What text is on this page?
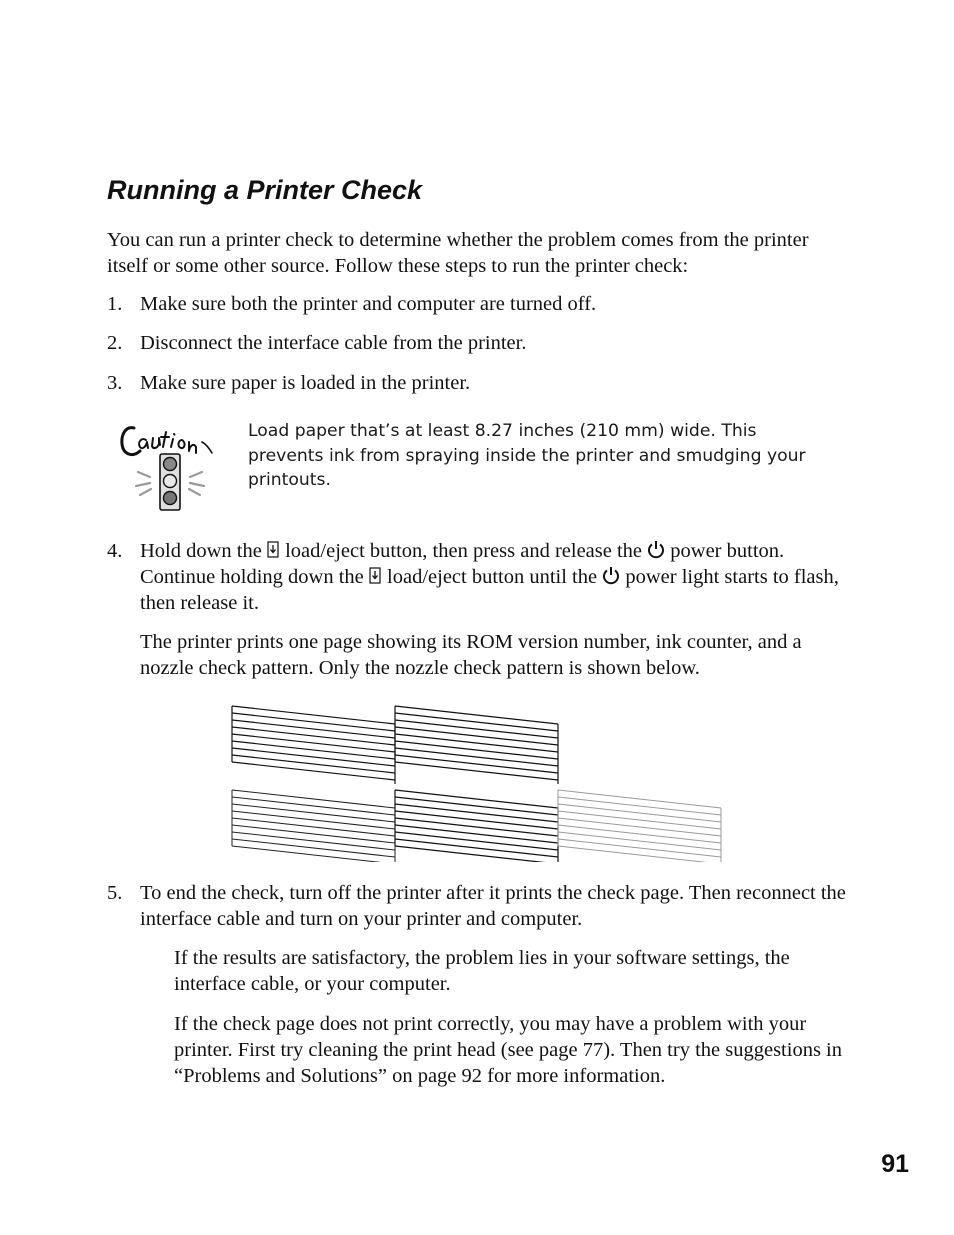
Running a Printer Check
You can run a printer check to determine whether the problem comes from the printer itself or some other source. Follow these steps to run the printer check:
1. Make sure both the printer and computer are turned off.
2. Disconnect the interface cable from the printer.
3. Make sure paper is loaded in the printer.
Load paper that’s at least 8.27 inches (210 mm) wide. This prevents ink from spraying inside the printer and smudging your printouts.
4. Hold down the  load/eject button, then press and release the  power button. Continue holding down the  load/eject button until the  power light starts to flash, then release it.
The printer prints one page showing its ROM version number, ink counter, and a nozzle check pattern. Only the nozzle check pattern is shown below.
5. To end the check, turn off the printer after it prints the check page. Then reconnect the interface cable and turn on your printer and computer.
If the results are satisfactory, the problem lies in your software settings, the interface cable, or your computer.
If the check page does not print correctly, you may have a problem with your printer. First try cleaning the print head (see page 77). Then try the suggestions in “Problems and Solutions” on page 92 for more information.
91
